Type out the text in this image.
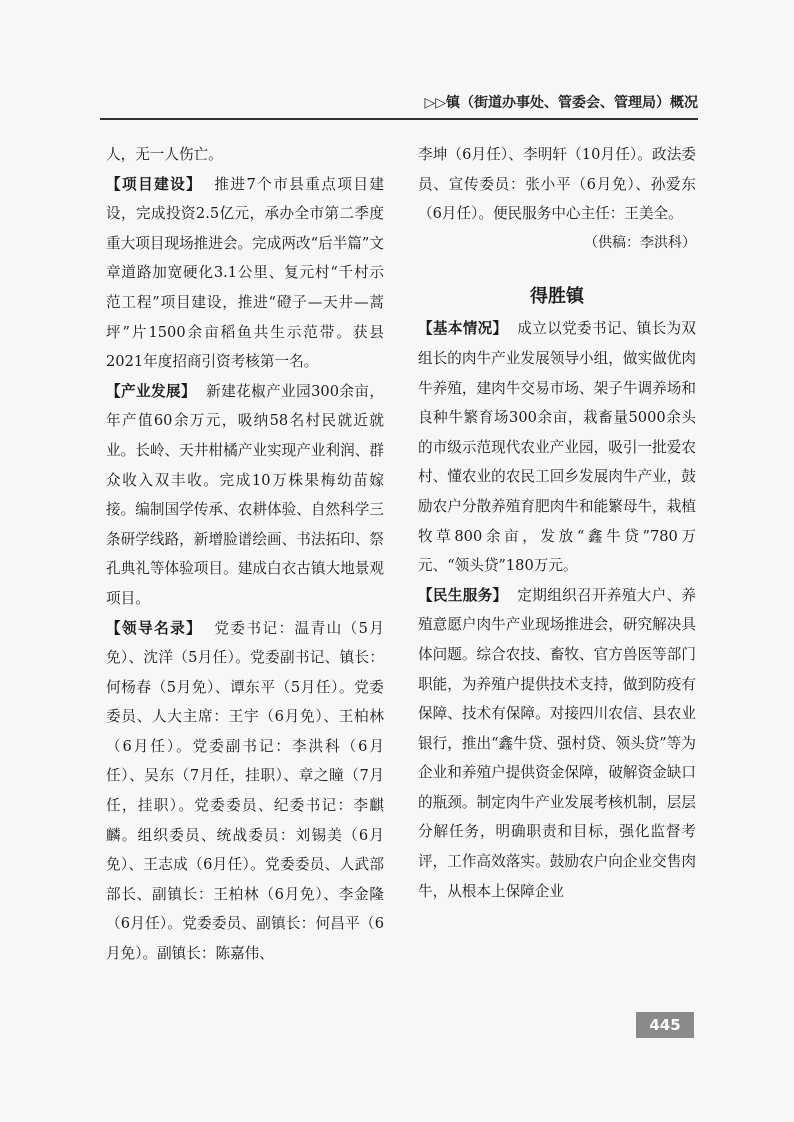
▷▷镇（街道办事处、管委会、管理局）概况

人，无一人伤亡。

【项目建设】 推进7个市县重点项目建设，完成投资2.5亿元，承办全市第二季度重大项目现场推进会。完成两改“后半篇”文章道路加宽硬化3.1公里、复元村“千村示范工程”项目建设，推进“磴子—天井—蒿坪”片1500余亩稻鱼共生示范带。获县2021年度招商引资考核第一名。

【产业发展】 新建花椒产业园300余亩，年产值60余万元，吸纳58名村民就近就业。长岭、天井柑橘产业实现产业利润、群众收入双丰收。完成10万株果梅幼苗嫁接。编制国学传承、农耕体验、自然科学三条研学线路，新增脸谱绘画、书法拓印、祭孔典礼等体验项目。建成白衣古镇大地景观项目。

【领导名录】 党委书记：温青山（5月免）、沈洋（5月任）。党委副书记、镇长：何杨春（5月免）、谭东平（5月任）。党委委员、人大主席：王宇（6月免）、王柏林（6月任）。党委副书记：李洪科（6月任）、吴东（7月任，挂职）、章之瞳（7月任，挂职）。党委委员、纪委书记：李麒麟。组织委员、统战委员：刘锡美（6月免）、王志成（6月任）。党委委员、人武部部长、副镇长：王柏林（6月免）、李金隆（6月任）。党委委员、副镇长：何昌平（6月免）。副镇长：陈嘉伟、

李坤（6月任）、李明轩（10月任）。政法委员、宣传委员：张小平（6月免）、孙爱东（6月任）。便民服务中心主任：王美全。

（供稿：李洪科）

得胜镇

【基本情况】 成立以党委书记、镇长为双组长的肉牛产业发展领导小组，做实做优肉牛养殖，建肉牛交易市场、架子牛调养场和良种牛繁育场300余亩，栽畜量5000余头的市级示范现代农业产业园，吸引一批爱农村、懂农业的农民工回乡发展肉牛产业，鼓励农户分散养殖育肥肉牛和能繁母牛，栽植牧草800余亩，发放“鑫牛贷”780万元、“领头贷”180万元。

【民生服务】 定期组织召开养殖大户、养殖意愿户肉牛产业现场推进会，研究解决具体问题。综合农技、畜牧、官方兽医等部门职能，为养殖户提供技术支持，做到防疫有保障、技术有保障。对接四川农信、县农业银行，推出“鑫牛贷、强村贷、领头贷”等为企业和养殖户提供资金保障，破解资金缺口的瓶颈。制定肉牛产业发展考核机制，层层分解任务，明确职责和目标，强化监督考评，工作高效落实。鼓励农户向企业交售肉牛，从根本上保障企业

445
